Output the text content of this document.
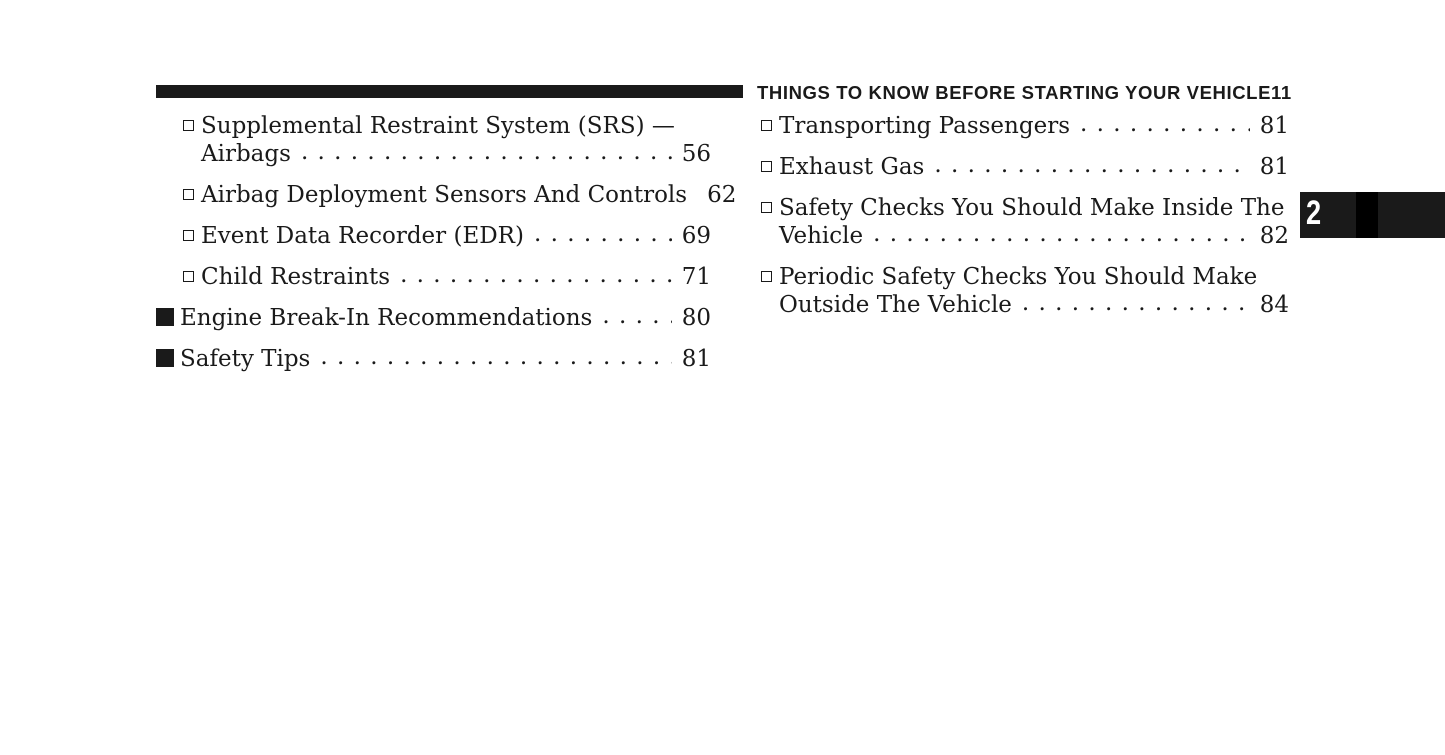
THINGS TO KNOW BEFORE STARTING YOUR VEHICLE 11
2
Supplemental Restraint System (SRS) —
Airbags . . .	56
Airbag Deployment Sensors And Controls 62
Event Data Recorder (EDR) . . .	69
Child Restraints . . .	71
Engine Break-In Recommendations . . .	80
Safety Tips . . .	81
Transporting Passengers . . .	81
Exhaust Gas . . .	81
Safety Checks You Should Make Inside The
Vehicle . . .	82
Periodic Safety Checks You Should Make
Outside The Vehicle . . .	84
